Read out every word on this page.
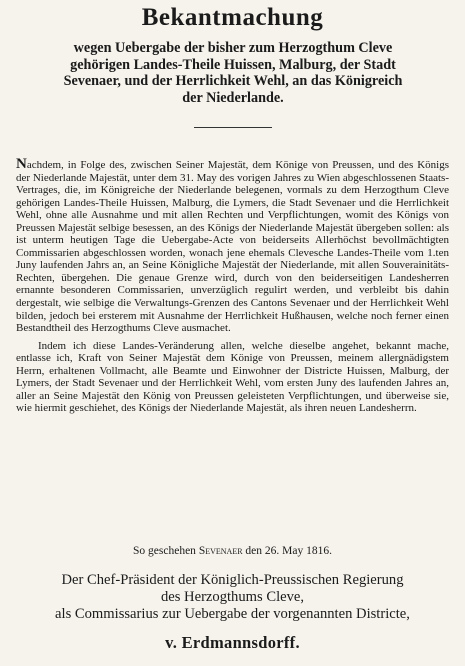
Bekantmachung
wegen Uebergabe der bisher zum Herzogthum Cleve
gehörigen Landes-Theile Huissen, Malburg, der Stadt
Sevenaer, und der Herrlichkeit Wehl, an das Königreich
der Niederlande.

Nachdem, in Folge des, zwischen Seiner Majestät, dem Könige von Preussen, und des Königs der Niederlande Majestät, unter dem 31. May des vorigen Jahres zu Wien abgeschlossenen Staats-Vertrages, die, im Königreiche der Niederlande belegenen, vormals zu dem Herzogthum Cleve gehörigen Landes-Theile Huissen, Malburg, die Lymers, die Stadt Sevenaer und die Herrlichkeit Wehl, ohne alle Ausnahme und mit allen Rechten und Verpflichtungen, womit des Königs von Preussen Majestät selbige besessen, an des Königs der Niederlande Majestät übergeben sollen: als ist unterm heutigen Tage die Uebergabe-Acte von beiderseits Allerhöchst bevollmächtigten Commissarien abgeschlossen worden, wonach jene ehemals Clevesche Landes-Theile vom 1.ten Juny laufenden Jahrs an, an Seine Königliche Majestät der Niederlande, mit allen Souverainitäts-Rechten, übergehen. Die genaue Grenze wird, durch von den beiderseitigen Landesherren ernannte besonderen Commissarien, unverzüglich regulirt werden, und verbleibt bis dahin dergestalt, wie selbige die Verwaltungs-Grenzen des Cantons Sevenaer und der Herrlichkeit Wehl bilden, jedoch bei ersterem mit Ausnahme der Herrlichkeit Hußhausen, welche noch ferner einen Bestandtheil des Herzogthums Cleve ausmachet.

Indem ich diese Landes-Veränderung allen, welche dieselbe angehet, bekannt mache, entlasse ich, Kraft von Seiner Majestät dem Könige von Preussen, meinem allergnädigstem Herrn, erhaltenen Vollmacht, alle Beamte und Einwohner der Districte Huissen, Malburg, der Lymers, der Stadt Sevenaer und der Herrlichkeit Wehl, vom ersten Juny des laufenden Jahres an, aller an Seine Majestät den König von Preussen geleisteten Verpflichtungen, und überweise sie, wie hiermit geschiehet, des Königs der Niederlande Majestät, als ihren neuen Landesherrn.

So geschehen Sevenaer den 26. May 1816.
Der Chef-Präsident der Königlich-Preussischen Regierung
des Herzogthums Cleve,
als Commissarius zur Uebergabe der vorgenannten Districte,
v. Erdmannsdorff.
